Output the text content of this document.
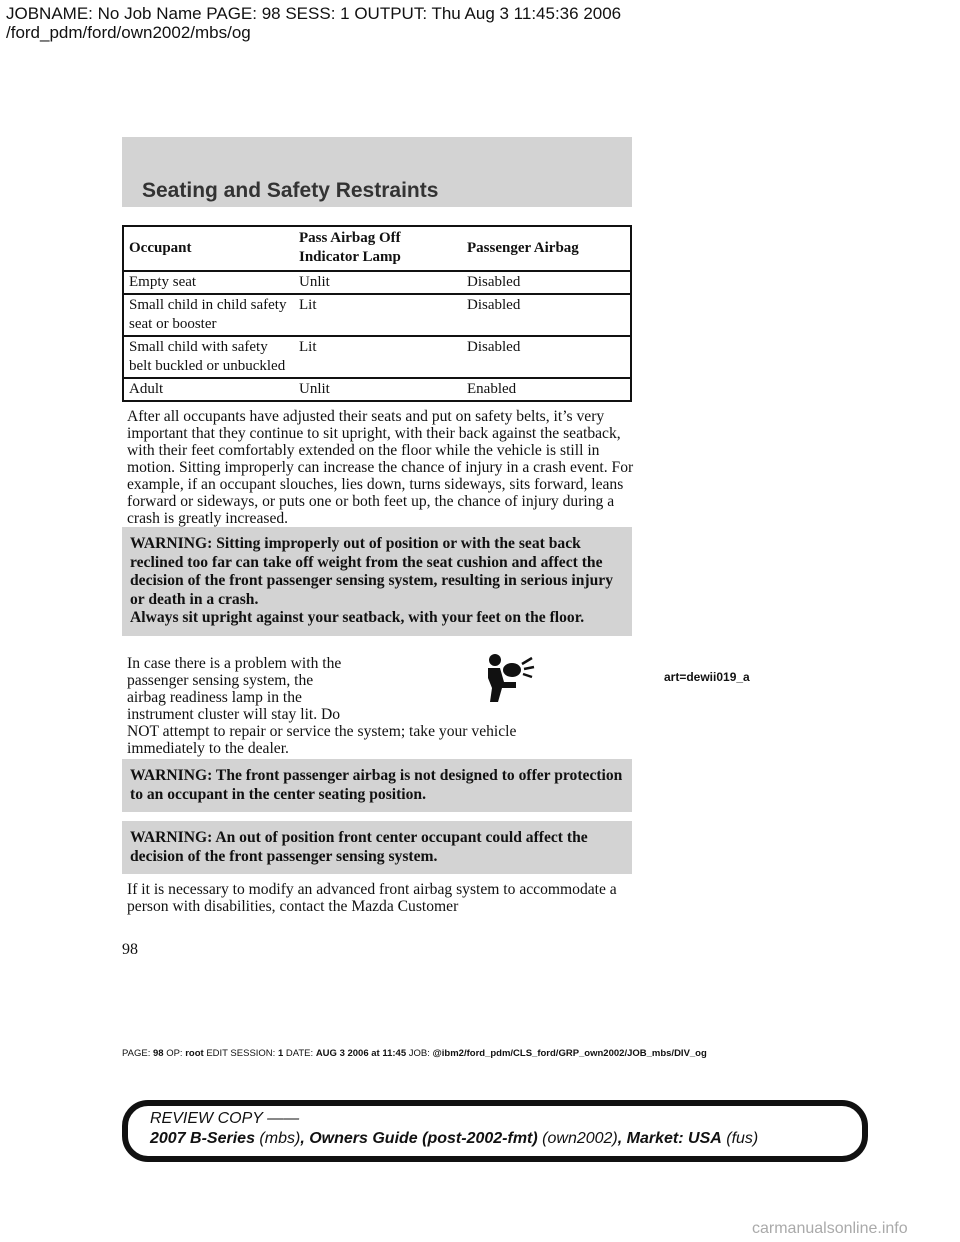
JOBNAME: No Job Name PAGE: 98 SESS: 1 OUTPUT: Thu Aug 3 11:45:36 2006
/ford_pdm/ford/own2002/mbs/og
Seating and Safety Restraints
Occupant	Pass Airbag Off Indicator Lamp	Passenger Airbag
Empty seat	Unlit	Disabled
Small child in child safety seat or booster	Lit	Disabled
Small child with safety belt buckled or unbuckled	Lit	Disabled
Adult	Unlit	Enabled

After all occupants have adjusted their seats and put on safety belts, it’s very important that they continue to sit upright, with their back against the seatback, with their feet comfortably extended on the floor while the vehicle is still in motion. Sitting improperly can increase the chance of injury in a crash event. For example, if an occupant slouches, lies down, turns sideways, sits forward, leans forward or sideways, or puts one or both feet up, the chance of injury during a crash is greatly increased.

WARNING: Sitting improperly out of position or with the seat back reclined too far can take off weight from the seat cushion and affect the decision of the front passenger sensing system, resulting in serious injury or death in a crash.

Always sit upright against your seatback, with your feet on the floor.

In case there is a problem with the
passenger sensing system, the
airbag readiness lamp in the
instrument cluster will stay lit. Do
NOT attempt to repair or service the system; take your vehicle
immediately to the dealer.
art=dewii019_a

WARNING: The front passenger airbag is not designed to offer protection to an occupant in the center seating position.

WARNING: An out of position front center occupant could affect the decision of the front passenger sensing system.

If it is necessary to modify an advanced front airbag system to accommodate a person with disabilities, contact the Mazda Customer

98
PAGE: 98 OP: root EDIT SESSION: 1 DATE: AUG 3 2006 at 11:45 JOB: @ibm2/ford_pdm/CLS_ford/GRP_own2002/JOB_mbs/DIV_og
REVIEW COPY ——
2007 B-Series (mbs), Owners Guide (post-2002-fmt) (own2002), Market: USA (fus)
carmanualsonline.info
